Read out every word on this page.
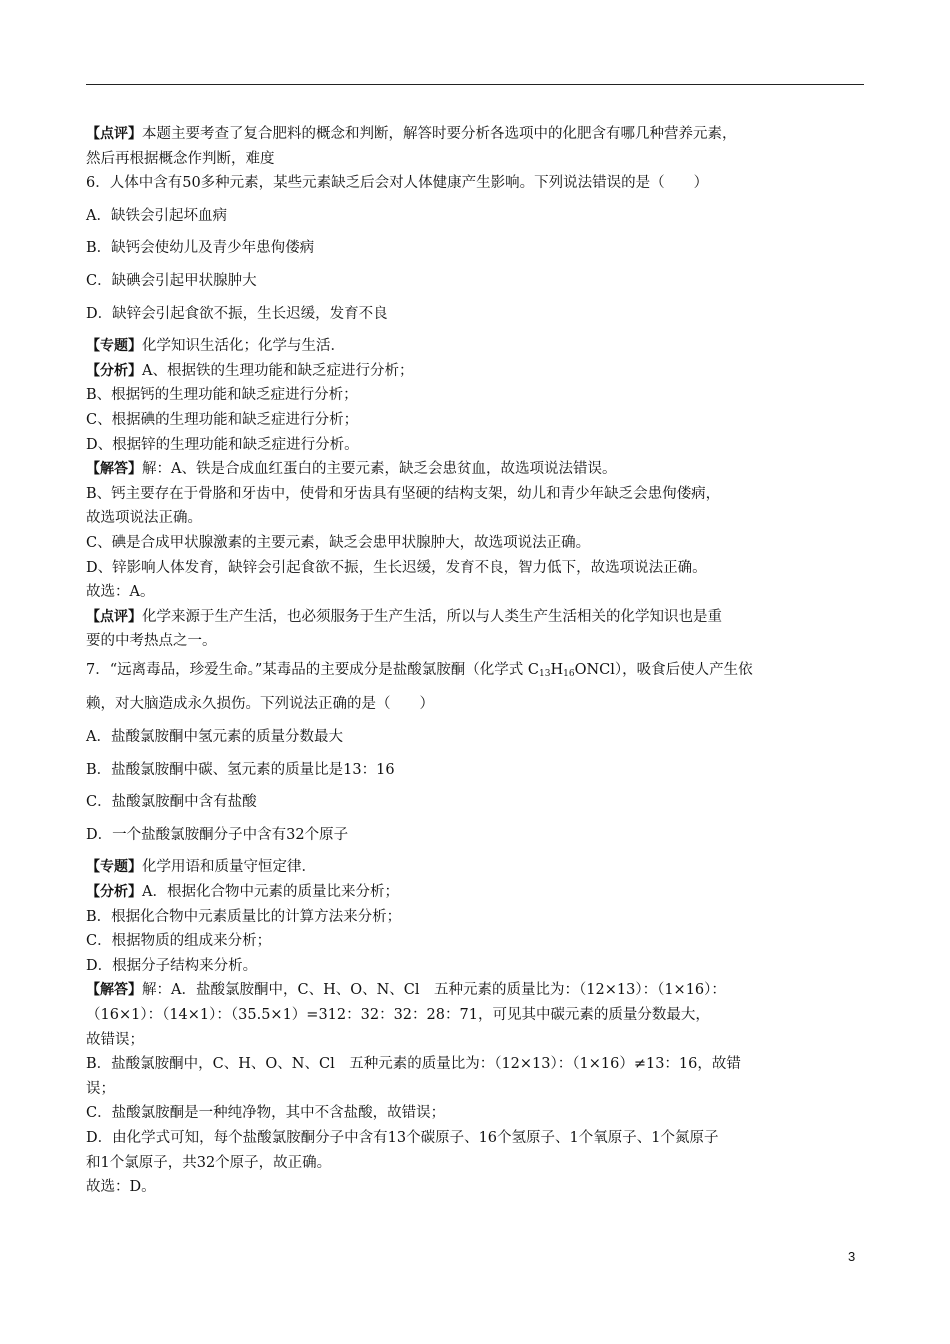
【点评】本题主要考查了复合肥料的概念和判断，解答时要分析各选项中的化肥含有哪几种营养元素，
然后再根据概念作判断，难度
6．人体中含有50多种元素，某些元素缺乏后会对人体健康产生影响。下列说法错误的是（　　）
A．缺铁会引起坏血病
B．缺钙会使幼儿及青少年患佝偻病
C．缺碘会引起甲状腺肿大
D．缺锌会引起食欲不振，生长迟缓，发育不良
【专题】化学知识生活化；化学与生活．
【分析】A、根据铁的生理功能和缺乏症进行分析；
B、根据钙的生理功能和缺乏症进行分析；
C、根据碘的生理功能和缺乏症进行分析；
D、根据锌的生理功能和缺乏症进行分析。
【解答】解：A、铁是合成血红蛋白的主要元素，缺乏会患贫血，故选项说法错误。
B、钙主要存在于骨胳和牙齿中，使骨和牙齿具有坚硬的结构支架，幼儿和青少年缺乏会患佝偻病，
故选项说法正确。
C、碘是合成甲状腺激素的主要元素，缺乏会患甲状腺肿大，故选项说法正确。
D、锌影响人体发育，缺锌会引起食欲不振，生长迟缓，发育不良，智力低下，故选项说法正确。
故选：A。
【点评】化学来源于生产生活，也必须服务于生产生活，所以与人类生产生活相关的化学知识也是重
要的中考热点之一。
7．“远离毒品，珍爱生命。”某毒品的主要成分是盐酸氯胺酮（化学式 $C_{13}H_{16}ONCl$），吸食后使人产生依
赖，对大脑造成永久损伤。下列说法正确的是（　　）
A．盐酸氯胺酮中氢元素的质量分数最大
B．盐酸氯胺酮中碳、氢元素的质量比是13：16
C．盐酸氯胺酮中含有盐酸
D．一个盐酸氯胺酮分子中含有32个原子
【专题】化学用语和质量守恒定律．
【分析】A．根据化合物中元素的质量比来分析；
B．根据化合物中元素质量比的计算方法来分析；
C．根据物质的组成来分析；
D．根据分子结构来分析。
【解答】解：A．盐酸氯胺酮中，C、H、O、N、Cl　五种元素的质量比为：（12×13）：（1×16）：
（16×1）：（14×1）：（35.5×1）=312：32：32：28：71，可见其中碳元素的质量分数最大，
故错误；
B．盐酸氯胺酮中，C、H、O、N、Cl　五种元素的质量比为：（12×13）：（1×16）≠13：16，故错
误；
C．盐酸氯胺酮是一种纯净物，其中不含盐酸，故错误；
D．由化学式可知，每个盐酸氯胺酮分子中含有13个碳原子、16个氢原子、1个氧原子、1个氮原子
和1个氯原子，共32个原子，故正确。
故选：D。
3
